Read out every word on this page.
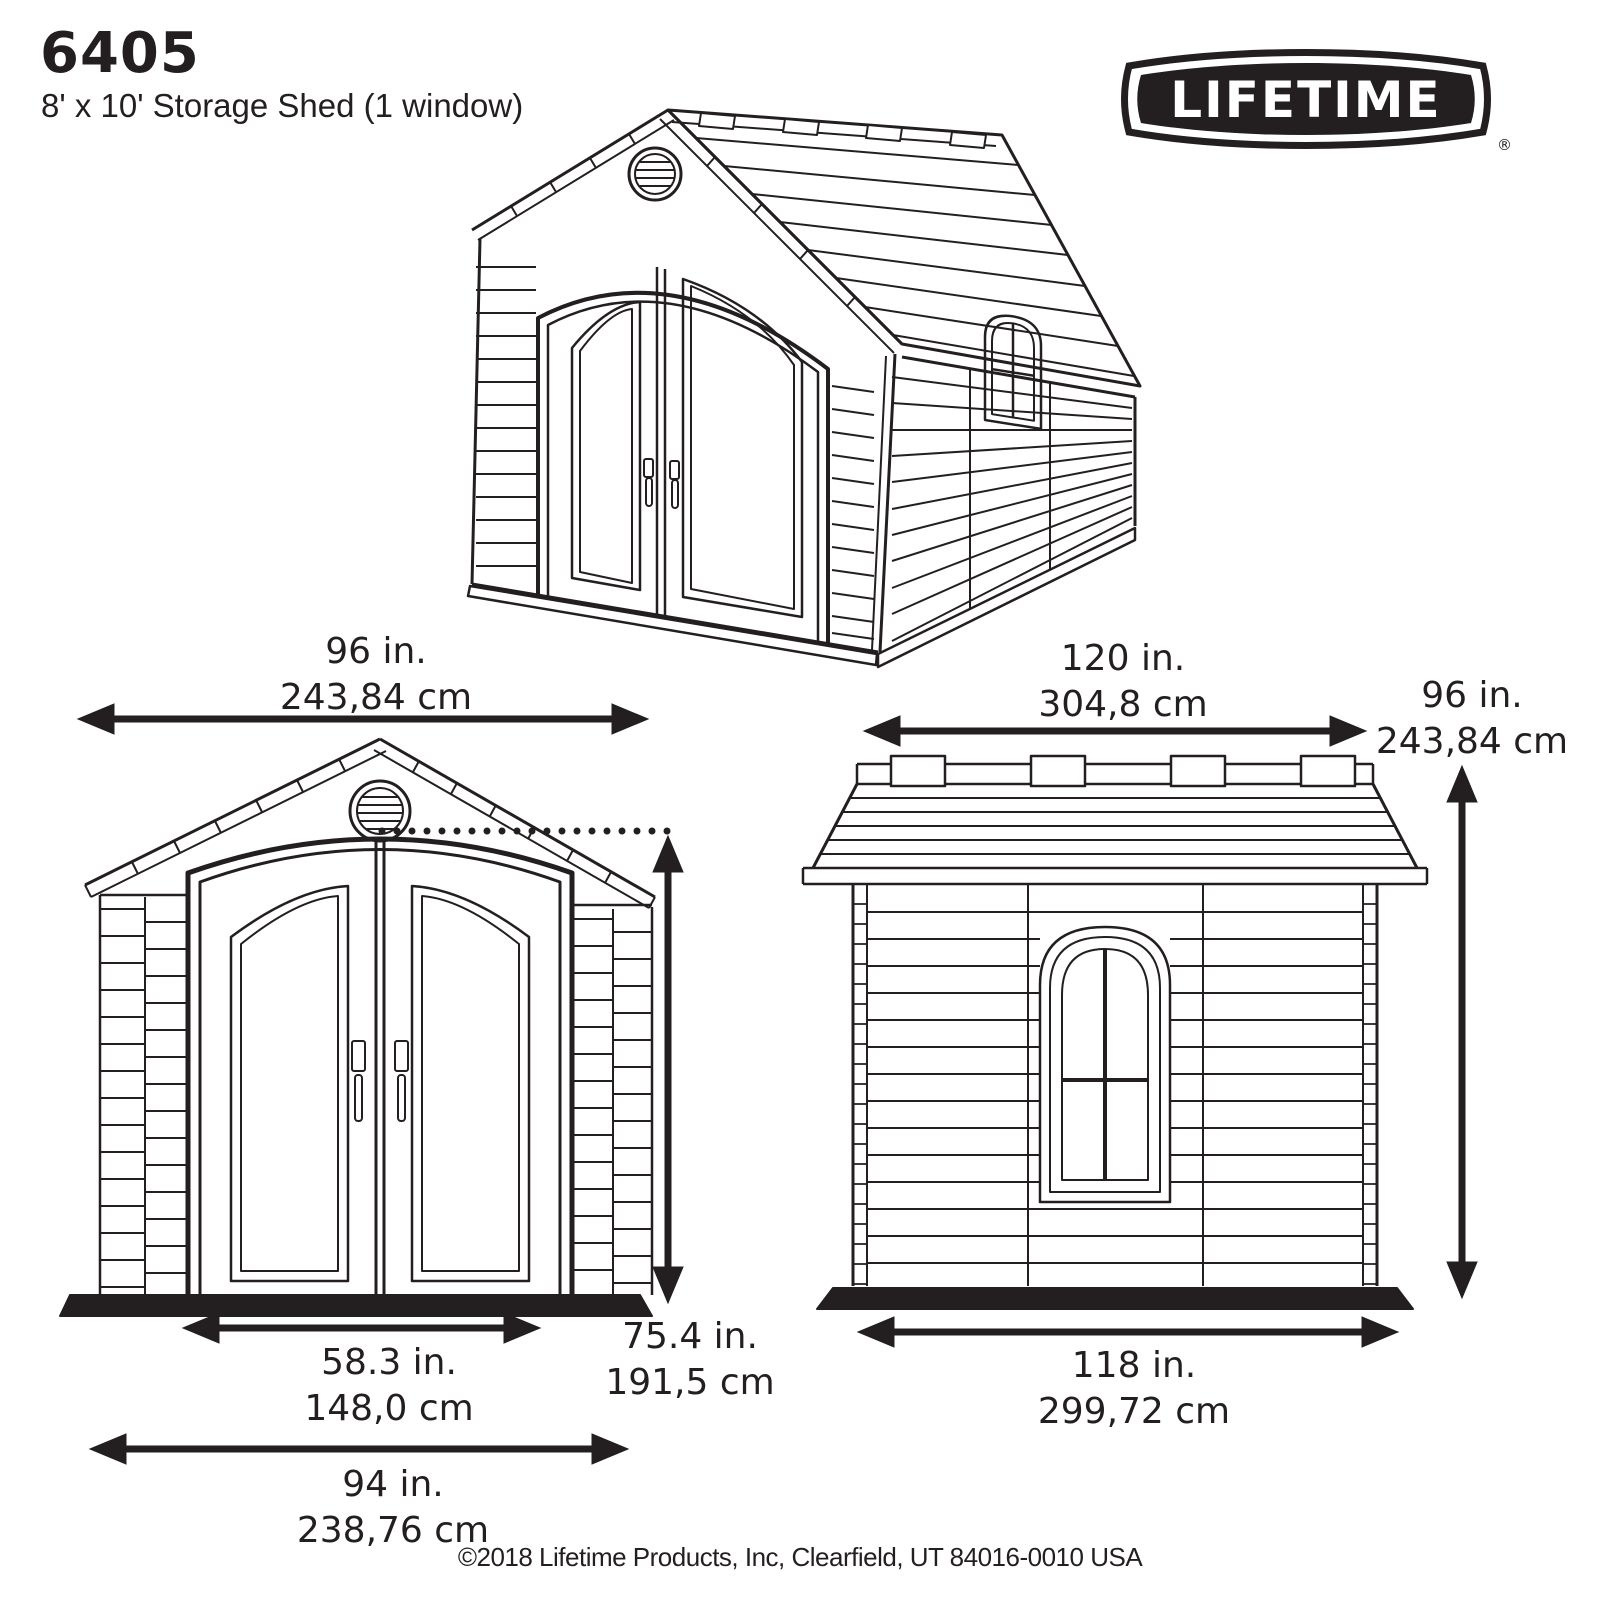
6405
8' x 10' Storage Shed (1 window)	LIFETIME
®
96 in.
243,84 cm
120 in.
304,8 cm	96 in.
243,84 cm
58.3 in.
148,0 cm
94 in.
238,76 cm
75.4 in.
191,5 cm	118 in.
299,72 cm
©2018 Lifetime Products, Inc, Clearfield, UT 84016-0010 USA
